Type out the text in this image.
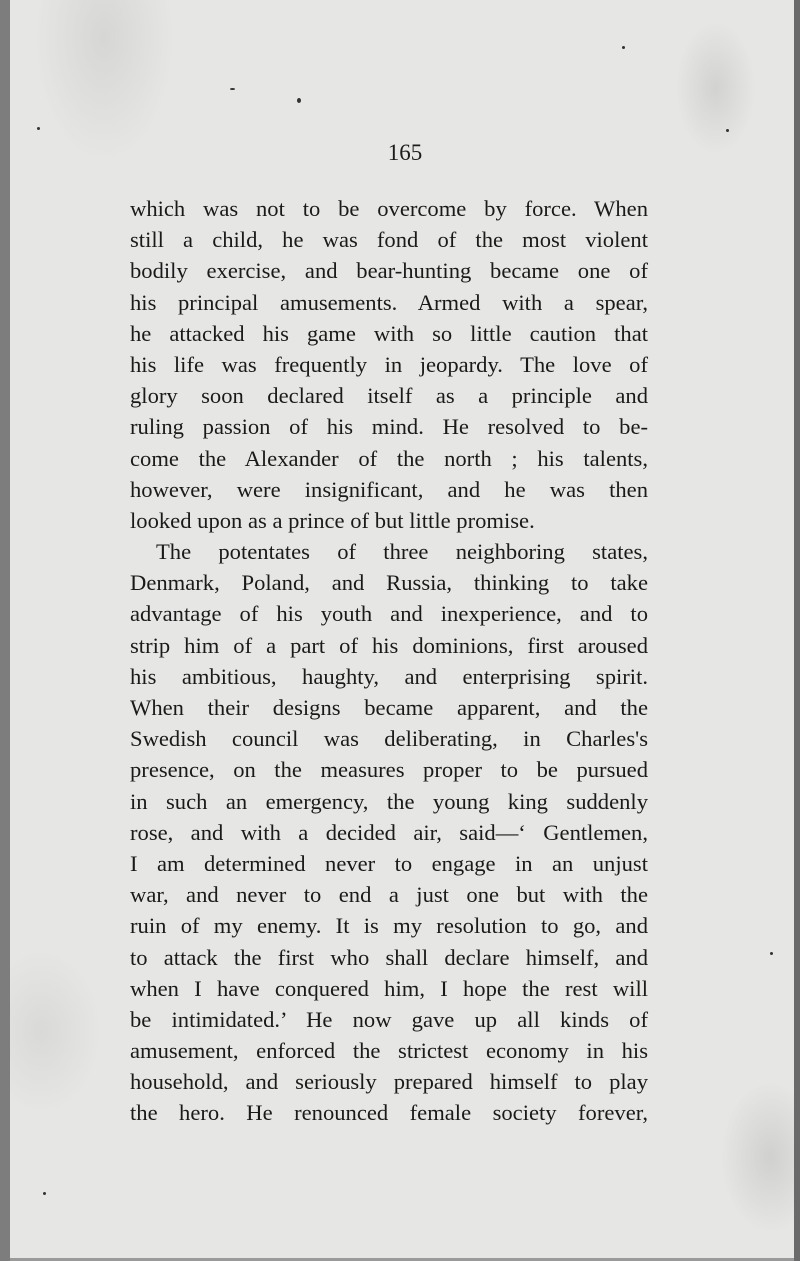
165
which was not to be overcome by force. When
still a child, he was fond of the most violent
bodily exercise, and bear-hunting became one of
his principal amusements. Armed with a spear,
he attacked his game with so little caution that
his life was frequently in jeopardy. The love of
glory soon declared itself as a principle and
ruling passion of his mind. He resolved to be-
come the Alexander of the north ; his talents,
however, were insignificant, and he was then
looked upon as a prince of but little promise.
The potentates of three neighboring states,
Denmark, Poland, and Russia, thinking to take
advantage of his youth and inexperience, and to
strip him of a part of his dominions, first aroused
his ambitious, haughty, and enterprising spirit.
When their designs became apparent, and the
Swedish council was deliberating, in Charles's
presence, on the measures proper to be pursued
in such an emergency, the young king suddenly
rose, and with a decided air, said—‘ Gentlemen,
I am determined never to engage in an unjust
war, and never to end a just one but with the
ruin of my enemy. It is my resolution to go, and
to attack the first who shall declare himself, and
when I have conquered him, I hope the rest will
be intimidated.’ He now gave up all kinds of
amusement, enforced the strictest economy in his
household, and seriously prepared himself to play
the hero. He renounced female society forever,
